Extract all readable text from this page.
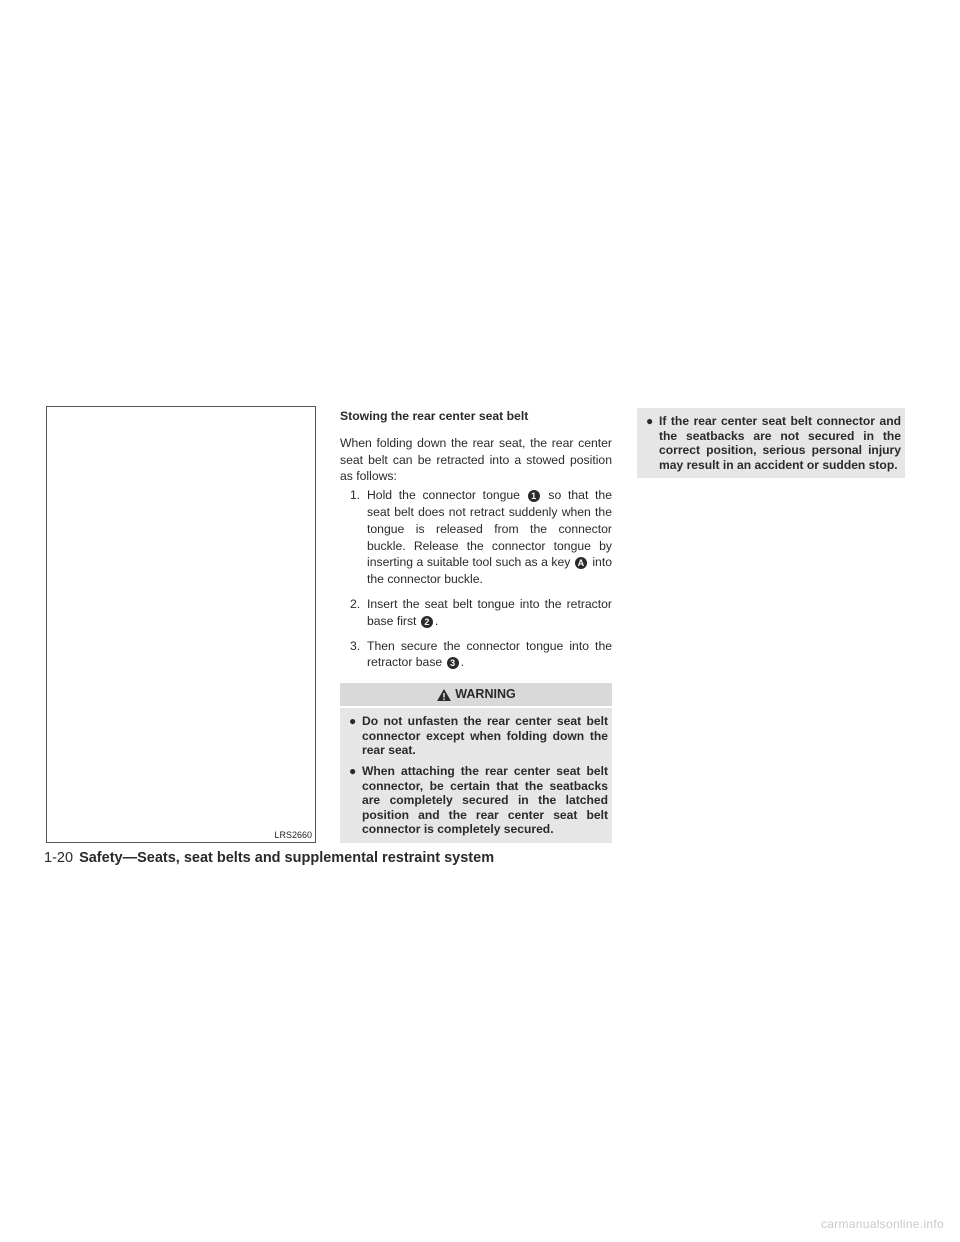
LRS2660
Stowing the rear center seat belt

When folding down the rear seat, the rear center seat belt can be retracted into a stowed position as follows:

1. Hold the connector tongue 1 so that the seat belt does not retract suddenly when the tongue is released from the connector buckle. Release the connector tongue by inserting a suitable tool such as a key A into the connector buckle.
2. Insert the seat belt tongue into the retractor base first 2 .
3. Then secure the connector tongue into the retractor base 3 .
WARNING
● Do not unfasten the rear center seat belt connector except when folding down the rear seat.
● When attaching the rear center seat belt connector, be certain that the seatbacks are completely secured in the latched position and the rear center seat belt connector is completely secured.
● If the rear center seat belt connector and the seatbacks are not secured in the correct position, serious personal injury may result in an accident or sudden stop.
1-20 Safety—Seats, seat belts and supplemental restraint system
carmanualsonline.info
